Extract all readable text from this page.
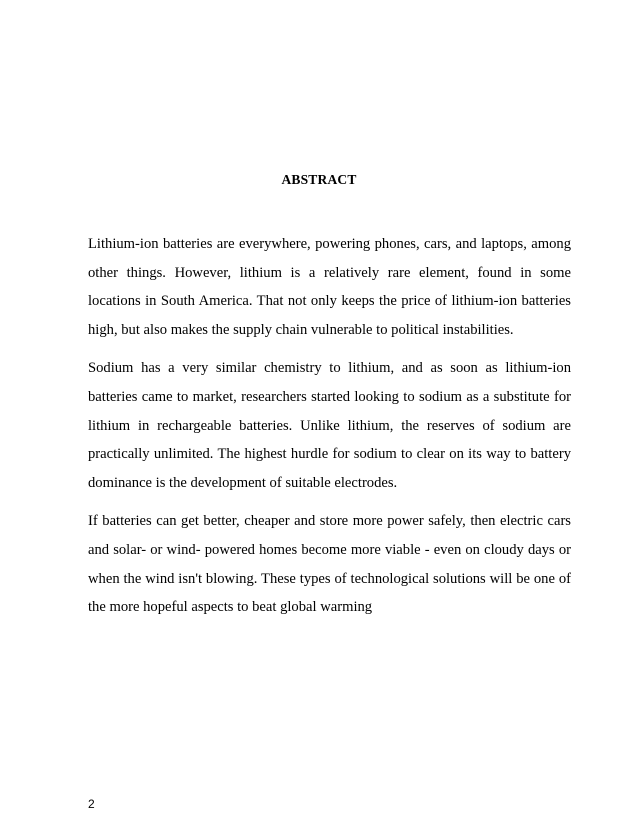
ABSTRACT

Lithium-ion batteries are everywhere, powering phones, cars, and laptops, among other things. However, lithium is a relatively rare element, found in some locations in South America. That not only keeps the price of lithium-ion batteries high, but also makes the supply chain vulnerable to political instabilities.

Sodium has a very similar chemistry to lithium, and as soon as lithium-ion batteries came to market, researchers started looking to sodium as a substitute for lithium in rechargeable batteries. Unlike lithium, the reserves of sodium are practically unlimited. The highest hurdle for sodium to clear on its way to battery dominance is the development of suitable electrodes.

If batteries can get better, cheaper and store more power safely, then electric cars and solar- or wind- powered homes become more viable - even on cloudy days or when the wind isn't blowing. These types of technological solutions will be one of the more hopeful aspects to beat global warming

2
